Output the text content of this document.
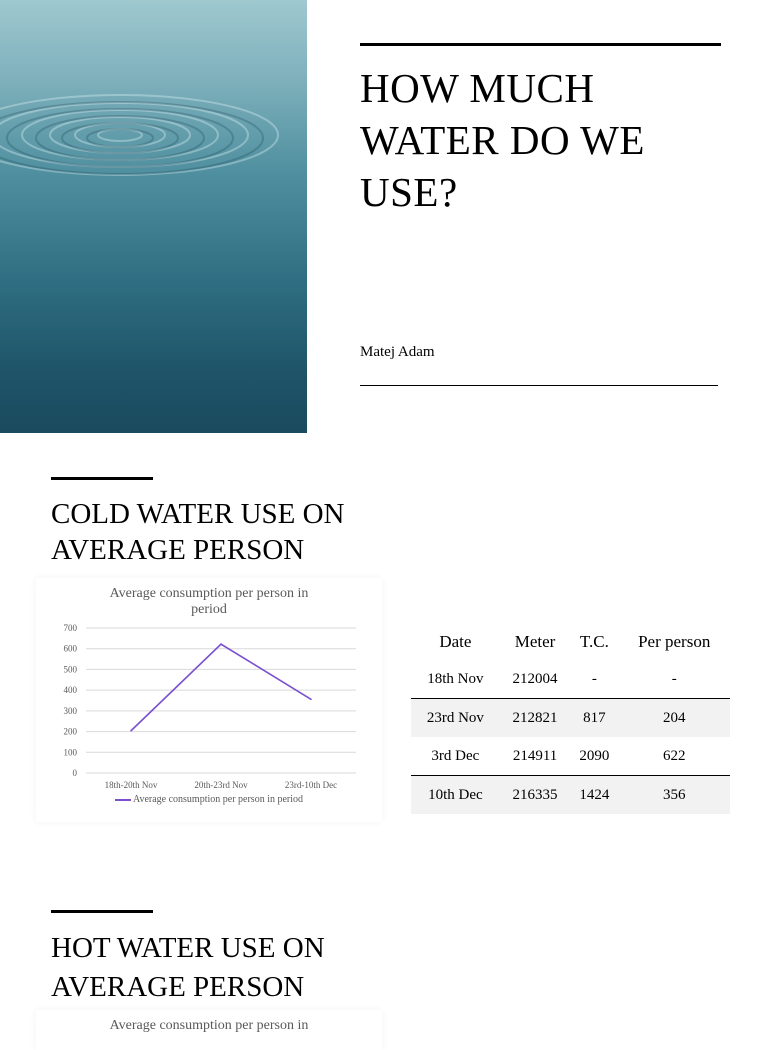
HOW MUCH WATER DO WE USE?
Matej Adam
COLD WATER USE ON
AVERAGE PERSON
Average consumption per person in
period
0
100
200
300
400
500
600
700
18th-20th Nov	20th-23rd Nov	23rd-10th Dec
Average consumption per person in period
Date	Meter	T.C.	Per person
18th Nov	212004	-	-
23rd Nov	212821	817	204
3rd Dec	214911	2090	622
10th Dec	216335	1424	356
HOT WATER USE ON
AVERAGE PERSON
Average consumption per person in
